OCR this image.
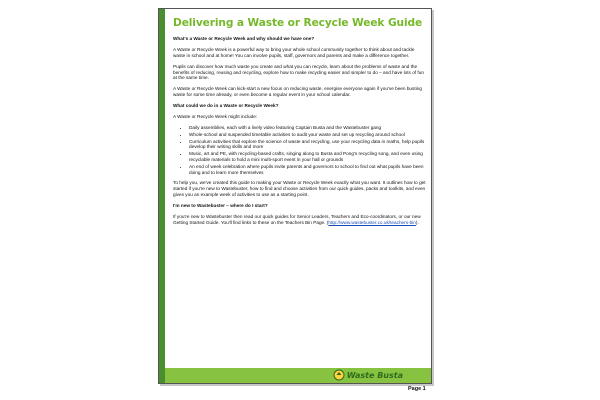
Delivering a Waste or Recycle Week Guide

What's a Waste or Recycle Week and why should we have one?

A Waste or Recycle Week is a powerful way to bring your whole school community together to think about and tackle waste in school and at home! You can involve pupils, staff, governors and parents and make a difference together.

Pupils can discover how much waste you create and what you can recycle, learn about the problems of waste and the benefits of reducing, reusing and recycling, explore how to make recycling easier and simpler to do – and have lots of fun at the same time.

A Waste or Recycle Week can kick-start a new focus on reducing waste, energise everyone again if you've been busting waste for some time already, or even become a regular event in your school calendar.

What could we do in a Waste or Recycle Week?

A Waste or Recycle Week might include:

• Daily assemblies, each with a lively video featuring Captain Busta and the Wastebuster gang
• Whole-school and suspended timetable activities to audit your waste and set up recycling around school
• Curriculum activities that explore the science of waste and recycling, use your recycling data in maths, help pupils develop their writing skills and more
• Music, art and PE, with recycling-based crafts, singing along to Busta and Pong's recycling song, and even using recyclable materials to hold a mini multi-sport event in your hall or grounds
• An end of week celebration where pupils invite parents and governors to school to find out what pupils have been doing and to learn more themselves

To help you, we've created this guide to making your Waste or Recycle Week exactly what you want. It outlines how to get started if you're new to Wastebuster, how to find and choose activities from our quick guides, packs and toolkits, and even gives you an example week of activities to use as a starting point.

I'm new to Wastebuster – where do I start?

If you're new to Wastebuster then read our quick guides for Senior Leaders, Teachers and Eco-coordinators, or our new Getting Started Guide. You'll find links to these on the Teachers Bin Page. (http://www.wastebuster.co.uk/teachers-bin).

Waste Busta
Page 1
